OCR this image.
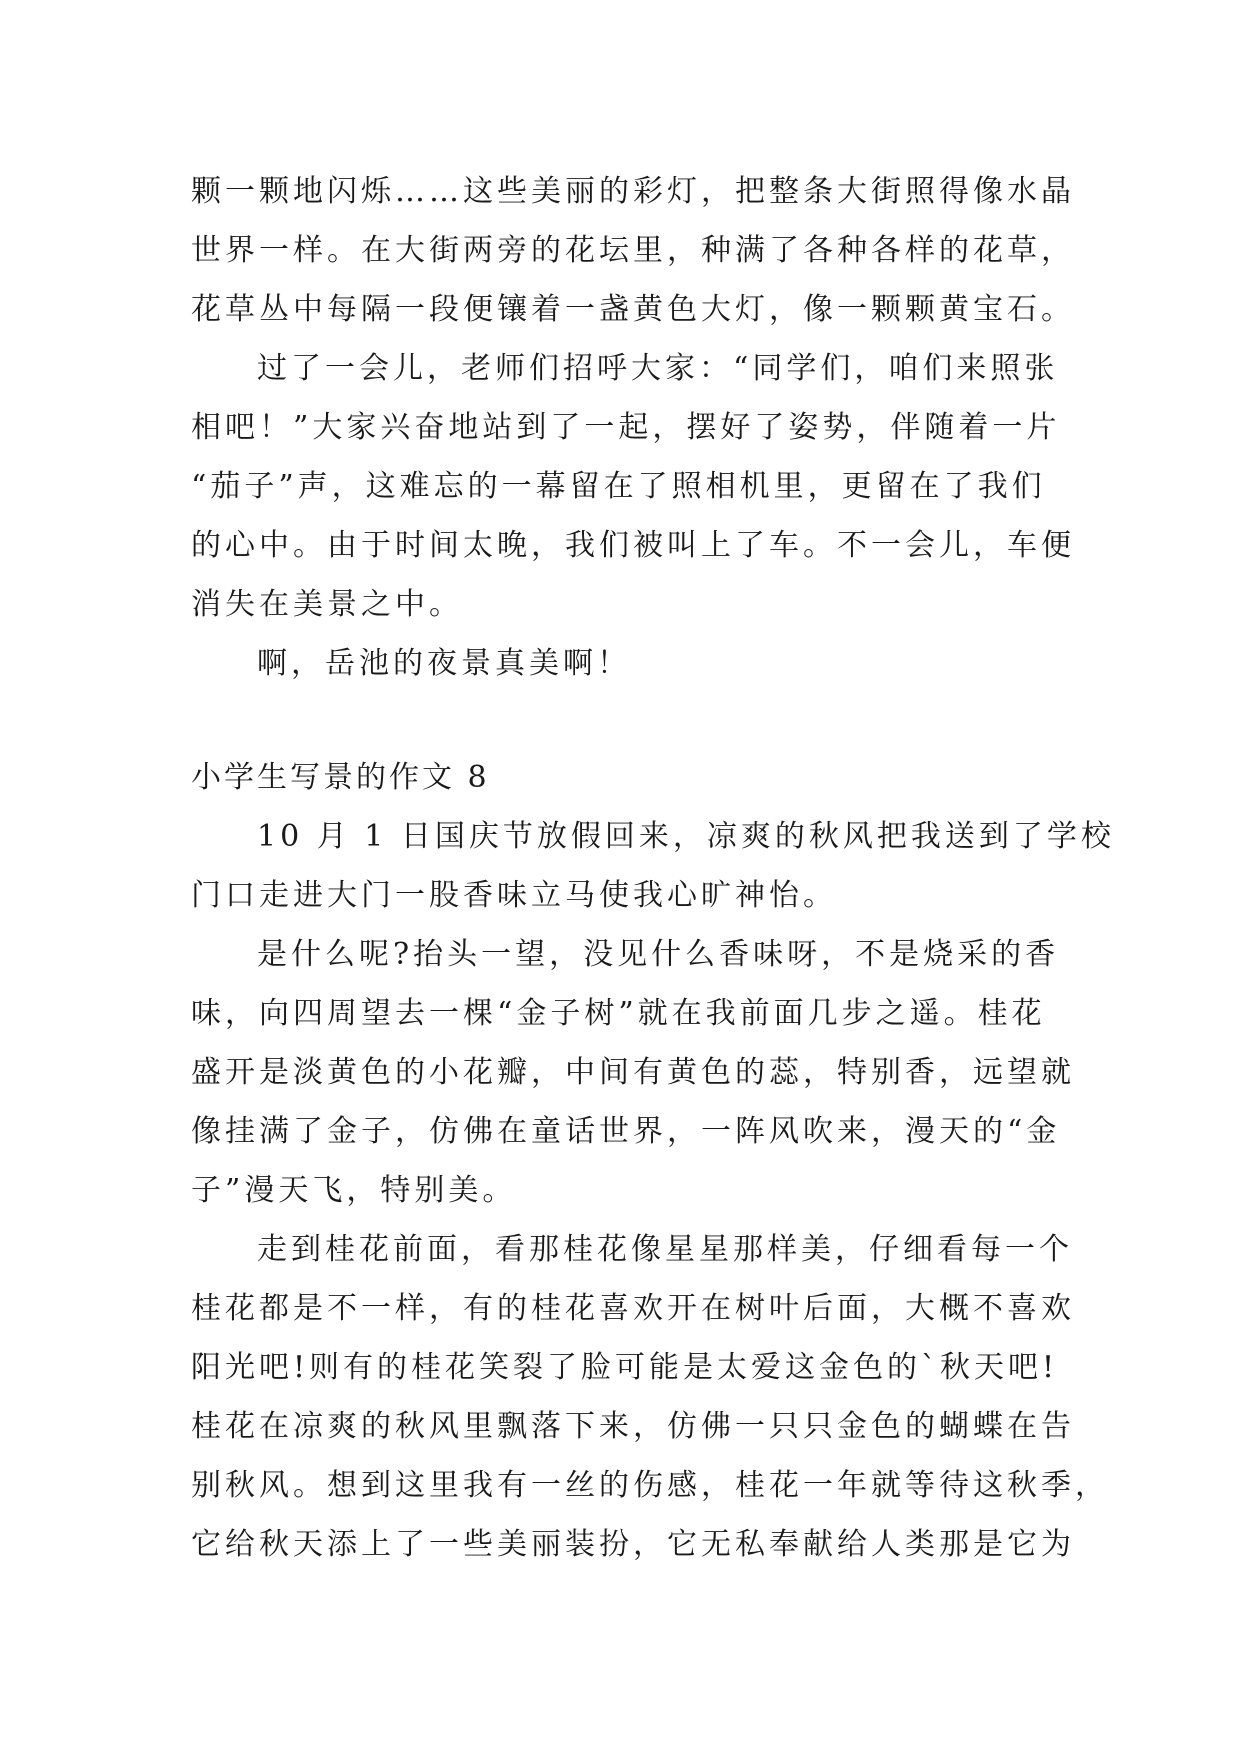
颗一颗地闪烁……这些美丽的彩灯，把整条大街照得像水晶

世界一样。在大街两旁的花坛里，种满了各种各样的花草，

花草丛中每隔一段便镶着一盏黄色大灯，像一颗颗黄宝石。

过了一会儿，老师们招呼大家：“同学们，咱们来照张

相吧！”大家兴奋地站到了一起，摆好了姿势，伴随着一片

“茄子”声，这难忘的一幕留在了照相机里，更留在了我们

的心中。由于时间太晚，我们被叫上了车。不一会儿，车便

消失在美景之中。

啊，岳池的夜景真美啊！

小学生写景的作文 8

10 月 1 日国庆节放假回来，凉爽的秋风把我送到了学校

门口走进大门一股香味立马使我心旷神怡。

是什么呢?抬头一望，没见什么香味呀，不是烧采的香

味，向四周望去一棵“金子树”就在我前面几步之遥。桂花

盛开是淡黄色的小花瓣，中间有黄色的蕊，特别香，远望就

像挂满了金子，仿佛在童话世界，一阵风吹来，漫天的“金

子”漫天飞，特别美。

走到桂花前面，看那桂花像星星那样美，仔细看每一个

桂花都是不一样，有的桂花喜欢开在树叶后面，大概不喜欢

阳光吧!则有的桂花笑裂了脸可能是太爱这金色的`秋天吧!

桂花在凉爽的秋风里飘落下来，仿佛一只只金色的蝴蝶在告

别秋风。想到这里我有一丝的伤感，桂花一年就等待这秋季，

它给秋天添上了一些美丽装扮，它无私奉献给人类那是它为
